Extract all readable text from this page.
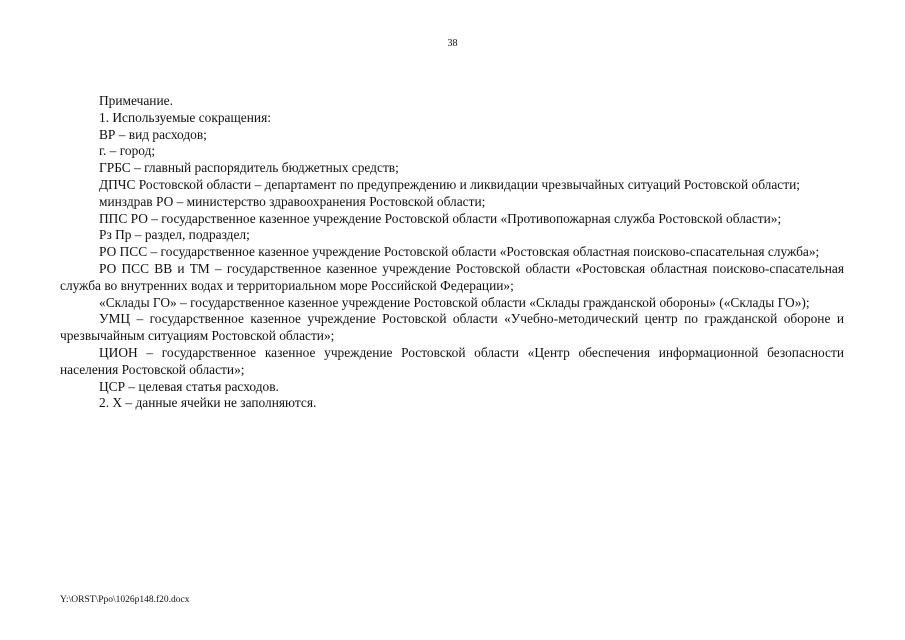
38

Примечание.

1. Используемые сокращения:

ВР – вид расходов;

г. – город;

ГРБС – главный распорядитель бюджетных средств;

ДПЧС Ростовской области – департамент по предупреждению и ликвидации чрезвычайных ситуаций Ростовской области;

минздрав РО – министерство здравоохранения Ростовской области;

ППС РО – государственное казенное учреждение Ростовской области «Противопожарная служба Ростовской области»;

Рз Пр – раздел, подраздел;

РО ПСС – государственное казенное учреждение Ростовской области «Ростовская областная поисково-спасательная служба»;

РО ПСС ВВ и ТМ – государственное казенное учреждение Ростовской области «Ростовская областная поисково-спасательная служба во внутренних водах и территориальном море Российской Федерации»;

«Склады ГО» – государственное казенное учреждение Ростовской области «Склады гражданской обороны» («Склады ГО»);

УМЦ – государственное казенное учреждение Ростовской области «Учебно-методический центр по гражданской обороне и чрезвычайным ситуациям Ростовской области»;

ЦИОН – государственное казенное учреждение Ростовской области «Центр обеспечения информационной безопасности населения Ростовской области»;

ЦСР – целевая статья расходов.

2. Х – данные ячейки не заполняются.

Y:\ORST\Ppo\1026p148.f20.docx
